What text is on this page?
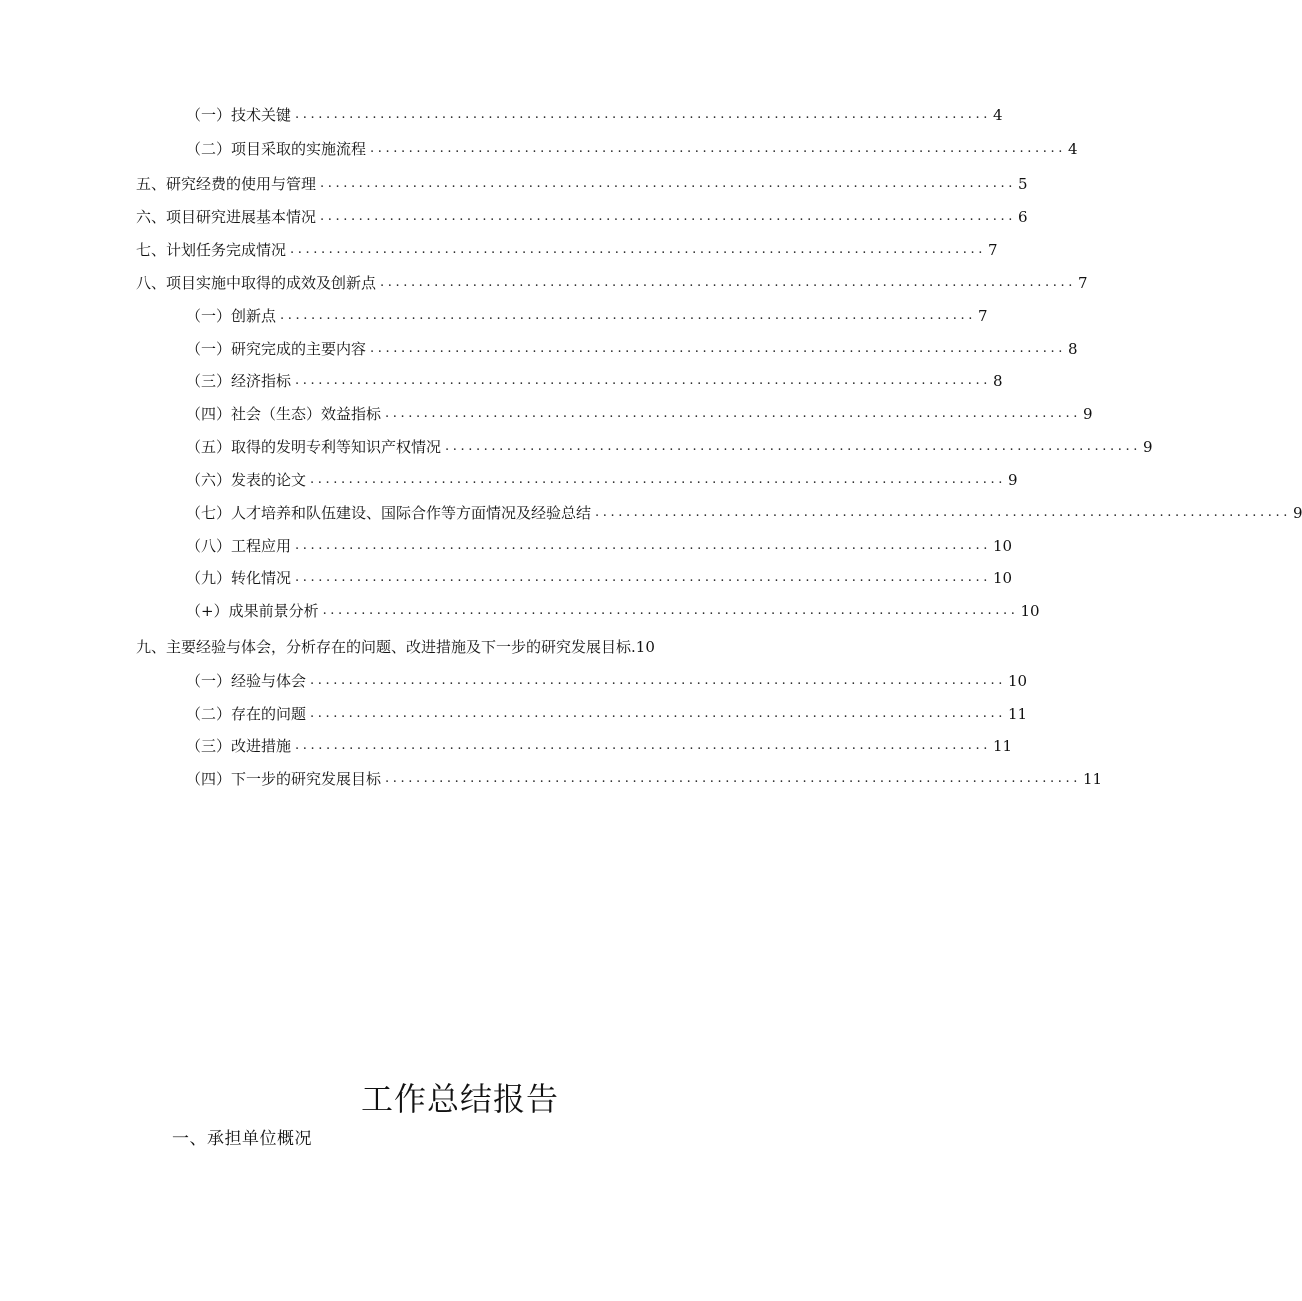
（一）技术关键 .......................................................................................... 4
（二）项目采取的实施流程 .......................................................................................... 4
五、研究经费的使用与管理 .......................................................................................... 5
六、项目研究进展基本情况 .......................................................................................... 6
七、计划任务完成情况 .......................................................................................... 7
八、项目实施中取得的成效及创新点 .......................................................................................... 7
（一）创新点 .......................................................................................... 7
（一）研究完成的主要内容 .......................................................................................... 8
（三）经济指标 .......................................................................................... 8
（四）社会（生态）效益指标 .......................................................................................... 9
（五）取得的发明专利等知识产权情况 .......................................................................................... 9
（六）发表的论文 .......................................................................................... 9
（七）人才培养和队伍建设、国际合作等方面情况及经验总结 .......................................................................................... 9
（八）工程应用 .......................................................................................... 10
（九）转化情况 .......................................................................................... 10
（+）成果前景分析 .......................................................................................... 10
九、主要经验与体会，分析存在的问题、改进措施及下一步的研究发展目标.10
（一）经验与体会 .......................................................................................... 10
（二）存在的问题 .......................................................................................... 11
（三）改进措施 .......................................................................................... 11
（四）下一步的研究发展目标 .......................................................................................... 11
工作总结报告
一、承担单位概况
